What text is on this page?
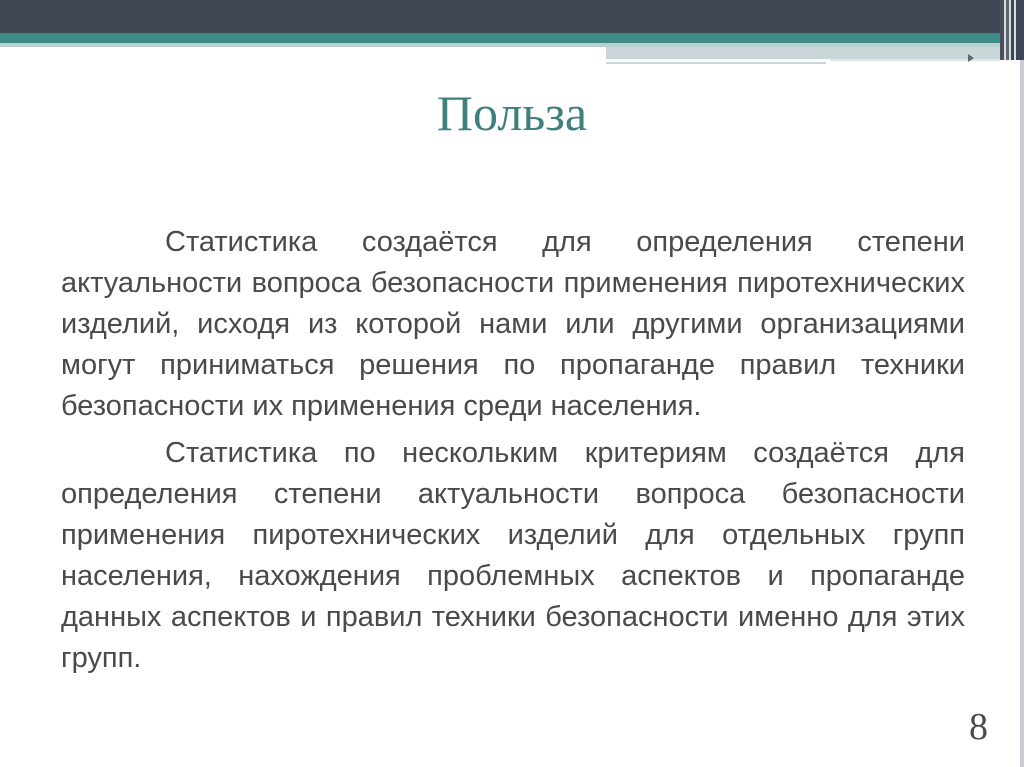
Польза

Статистика создаётся для определения степени актуальности вопроса безопасности применения пиротехнических изделий, исходя из которой нами или другими организациями могут приниматься решения по пропаганде правил техники безопасности их применения среди населения.

Статистика по нескольким критериям создаётся для определения степени актуальности вопроса безопасности применения пиротехнических изделий для отдельных групп населения, нахождения проблемных аспектов и пропаганде данных аспектов и правил техники безопасности именно для этих групп.

8
